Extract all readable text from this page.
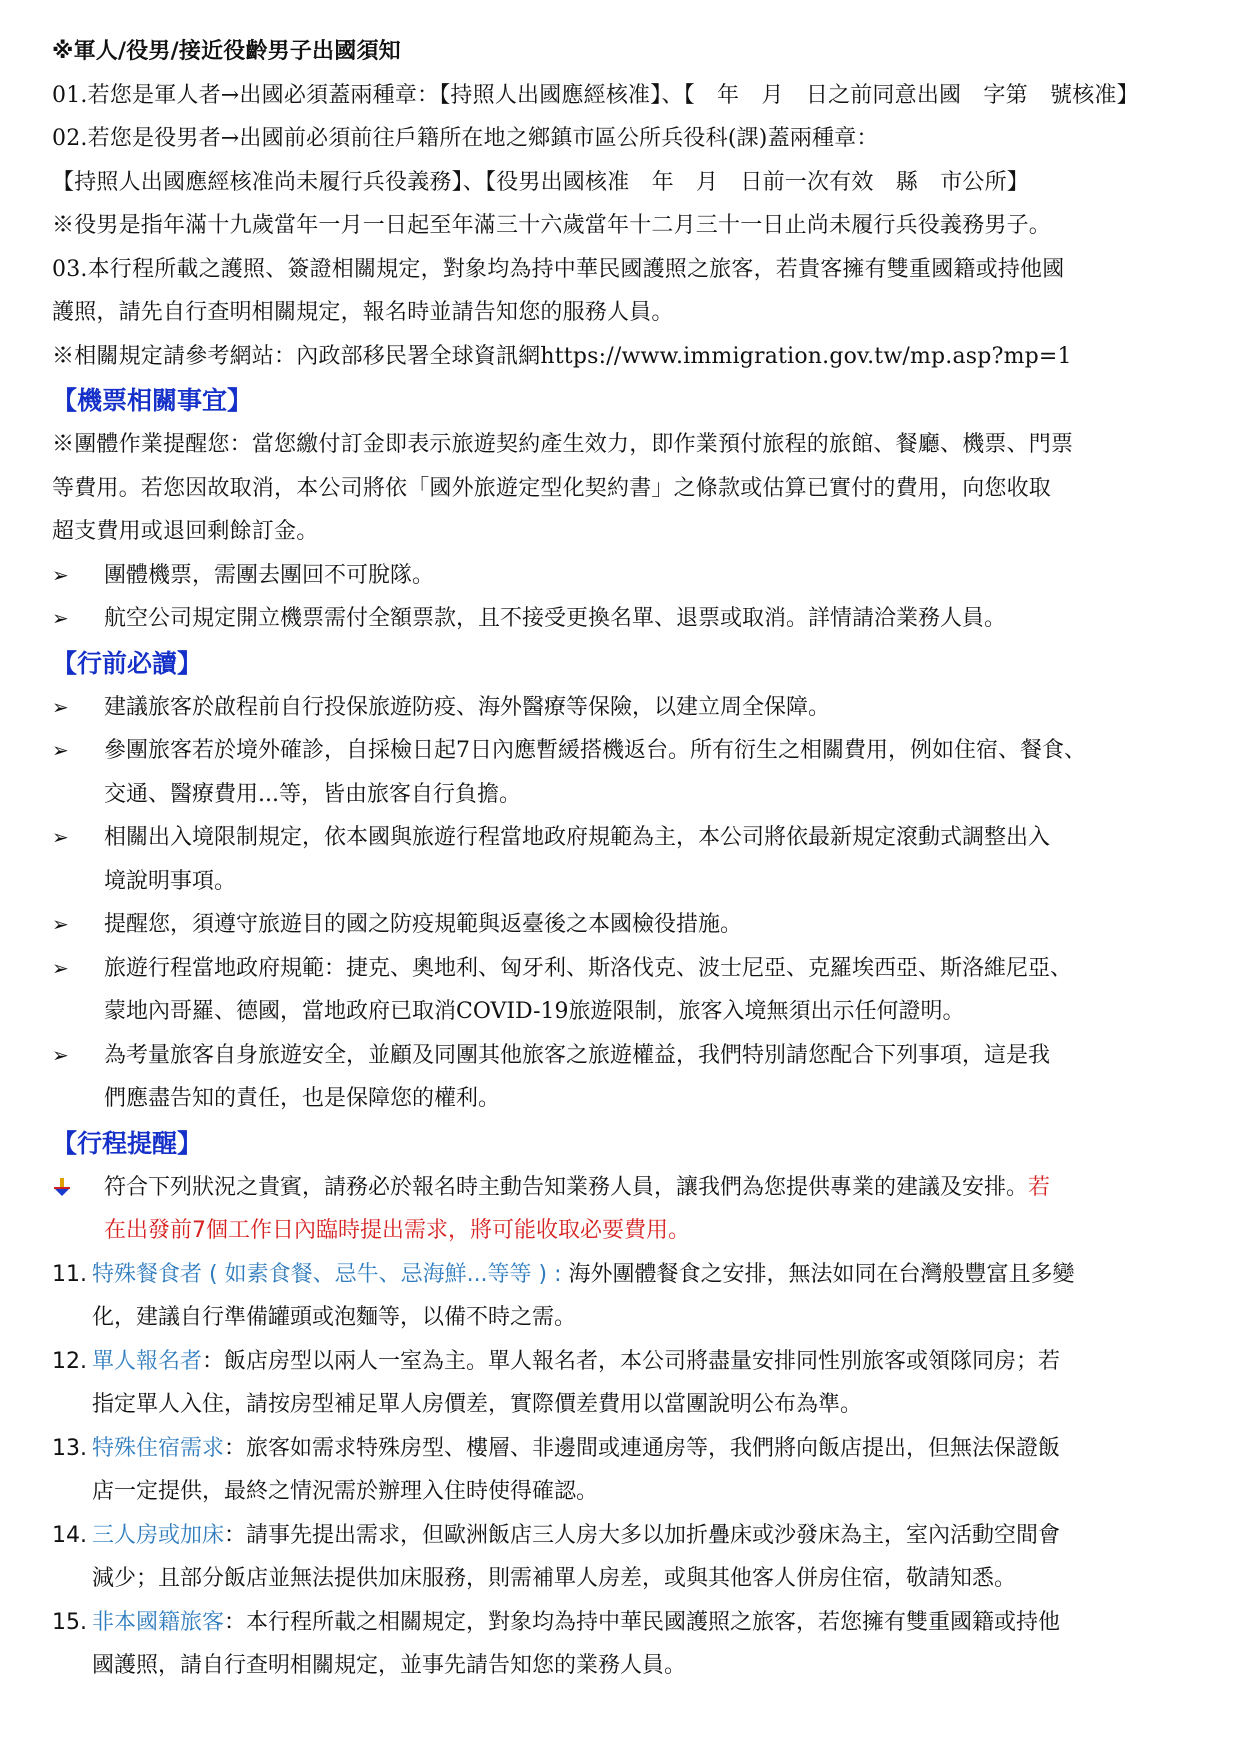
※軍人/役男/接近役齡男子出國須知
01.若您是軍人者→出國必須蓋兩種章：【持照人出國應經核准】、【　年　月　日之前同意出國　字第　號核准】
02.若您是役男者→出國前必須前往戶籍所在地之鄉鎮市區公所兵役科(課)蓋兩種章：
【持照人出國應經核准尚未履行兵役義務】、【役男出國核准　年　月　日前一次有效　縣　市公所】
※役男是指年滿十九歲當年一月一日起至年滿三十六歲當年十二月三十一日止尚未履行兵役義務男子。
03.本行程所載之護照、簽證相關規定，對象均為持中華民國護照之旅客，若貴客擁有雙重國籍或持他國
護照，請先自行查明相關規定，報名時並請告知您的服務人員。
※相關規定請參考網站：內政部移民署全球資訊網https://www.immigration.gov.tw/mp.asp?mp=1
【機票相關事宜】
※團體作業提醒您：當您繳付訂金即表示旅遊契約產生效力，即作業預付旅程的旅館、餐廳、機票、門票
等費用。若您因故取消，本公司將依「國外旅遊定型化契約書」之條款或估算已實付的費用，向您收取
超支費用或退回剩餘訂金。
➢	團體機票，需團去團回不可脫隊。
➢	航空公司規定開立機票需付全額票款，且不接受更換名單、退票或取消。詳情請洽業務人員。
【行前必讀】
➢	建議旅客於啟程前自行投保旅遊防疫、海外醫療等保險，以建立周全保障。
➢	參團旅客若於境外確診，自採檢日起7日內應暫緩搭機返台。所有衍生之相關費用，例如住宿、餐食、
交通、醫療費用...等，皆由旅客自行負擔。
➢	相關出入境限制規定，依本國與旅遊行程當地政府規範為主，本公司將依最新規定滾動式調整出入
境說明事項。
➢	提醒您，須遵守旅遊目的國之防疫規範與返臺後之本國檢役措施。
➢	旅遊行程當地政府規範：捷克、奧地利、匈牙利、斯洛伐克、波士尼亞、克羅埃西亞、斯洛維尼亞、
蒙地內哥羅、德國，當地政府已取消COVID-19旅遊限制，旅客入境無須出示任何證明。
➢	為考量旅客自身旅遊安全，並顧及同團其他旅客之旅遊權益，我們特別請您配合下列事項，這是我
們應盡告知的責任，也是保障您的權利。
【行程提醒】
符合下列狀況之貴賓，請務必於報名時主動告知業務人員，讓我們為您提供專業的建議及安排。若
在出發前7個工作日內臨時提出需求，將可能收取必要費用。
11. 特殊餐食者 ( 如素食餐、忌牛、忌海鮮...等等 ) : 海外團體餐食之安排，無法如同在台灣般豐富且多變
化，建議自行準備罐頭或泡麵等，以備不時之需。
12. 單人報名者：飯店房型以兩人一室為主。單人報名者，本公司將盡量安排同性別旅客或領隊同房；若
指定單人入住，請按房型補足單人房價差，實際價差費用以當團說明公布為準。
13. 特殊住宿需求：旅客如需求特殊房型、樓層、非邊間或連通房等，我們將向飯店提出，但無法保證飯
店一定提供，最終之情況需於辦理入住時使得確認。
14. 三人房或加床：請事先提出需求，但歐洲飯店三人房大多以加折疊床或沙發床為主，室內活動空間會
減少；且部分飯店並無法提供加床服務，則需補單人房差，或與其他客人併房住宿，敬請知悉。
15. 非本國籍旅客：本行程所載之相關規定，對象均為持中華民國護照之旅客，若您擁有雙重國籍或持他
國護照，請自行查明相關規定，並事先請告知您的業務人員。
